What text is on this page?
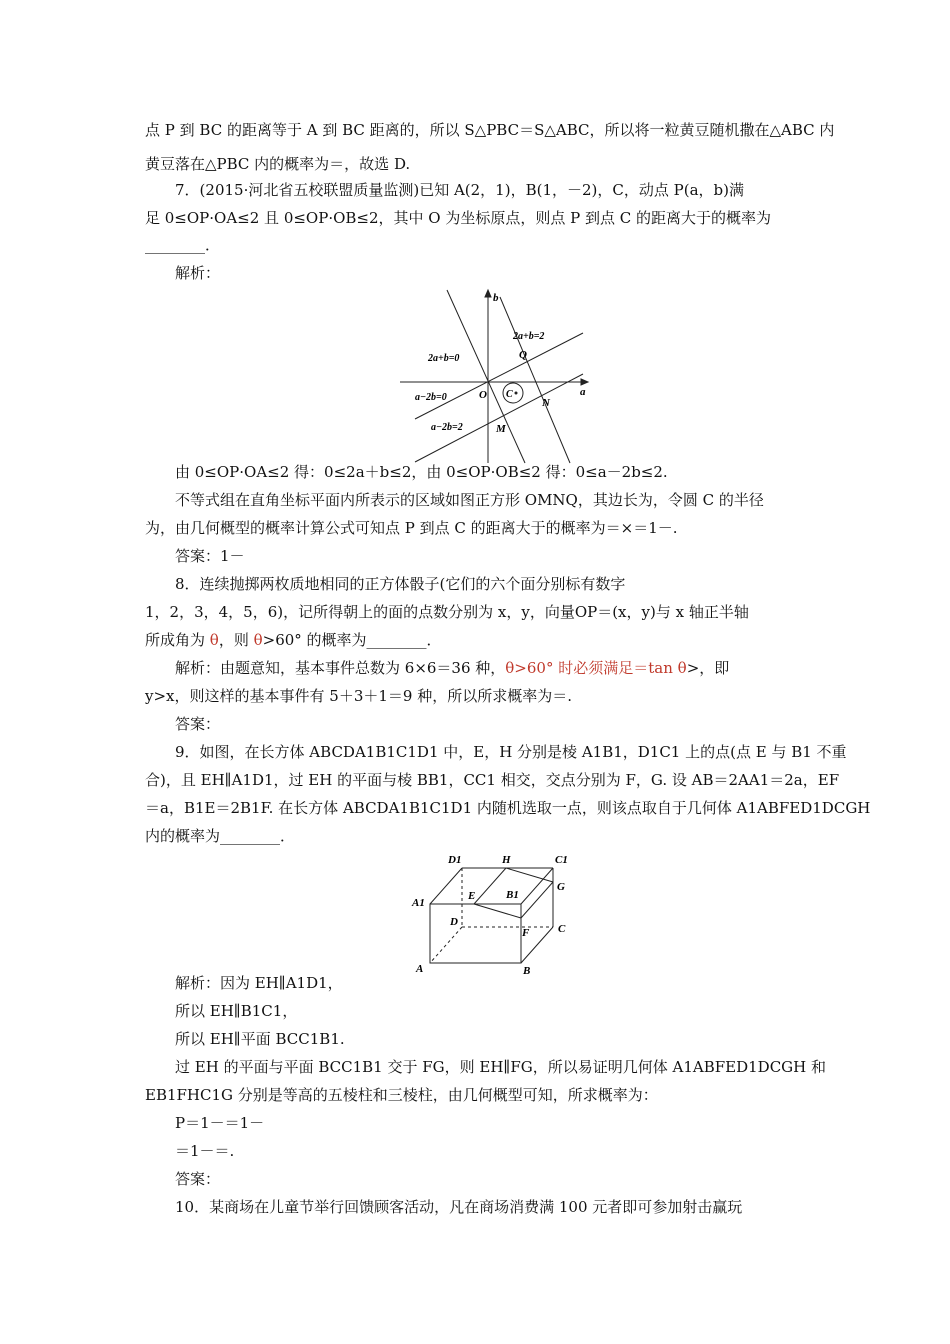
点 P 到 BC 的距离等于 A 到 BC 距离的，所以 S△PBC＝S△ABC，所以将一粒黄豆随机撒在△ABC 内
黄豆落在△PBC 内的概率为＝，故选 D.
7．(2015·河北省五校联盟质量监测)已知 A(2，1)，B(1，－2)，C，动点 P(a，b)满
足 0≤OP·OA≤2 且 0≤OP·OB≤2，其中 O 为坐标原点，则点 P 到点 C 的距离大于的概率为
________．
解析：
b
a
2a+b=2
2a+b=0
a−2b=0
a−2b=2
O C
Q
N
M
由 0≤OP·OA≤2 得：0≤2a＋b≤2，由 0≤OP·OB≤2 得：0≤a－2b≤2.
不等式组在直角坐标平面内所表示的区域如图正方形 OMNQ，其边长为，令圆 C 的半径
为，由几何概型的概率计算公式可知点 P 到点 C 的距离大于的概率为＝×＝1－.
答案：1－
8．连续抛掷两枚质地相同的正方体骰子(它们的六个面分别标有数字
1，2，3，4，5，6)，记所得朝上的面的点数分别为 x，y，向量OP＝(x，y)与 x 轴正半轴
所成角为 θ，则 θ>60° 的概率为________．
解析：由题意知，基本事件总数为 6×6＝36 种，θ>60° 时必须满足＝tan θ>，即
y>x，则这样的基本事件有 5＋3＋1＝9 种，所以所求概率为＝.
答案：
9．如图，在长方体 ABCDA1B1C1D1 中，E，H 分别是棱 A1B1，D1C1 上的点(点 E 与 B1 不重
合)，且 EH∥A1D1，过 EH 的平面与棱 BB1，CC1 相交，交点分别为 F，G. 设 AB＝2AA1＝2a，EF
＝a，B1E＝2B1F. 在长方体 ABCDA1B1C1D1 内随机选取一点，则该点取自于几何体 A1ABFED1DCGH
内的概率为________．
D1	H	C1
E	B1
G
A1
D
C
F
A	B
解析：因为 EH∥A1D1，
所以 EH∥B1C1，
所以 EH∥平面 BCC1B1.
过 EH 的平面与平面 BCC1B1 交于 FG，则 EH∥FG，所以易证明几何体 A1ABFED1DCGH 和
EB1FHC1G 分别是等高的五棱柱和三棱柱，由几何概型可知，所求概率为：
P＝1－＝1－
＝1－＝.
答案：
10．某商场在儿童节举行回馈顾客活动，凡在商场消费满 100 元者即可参加射击赢玩
